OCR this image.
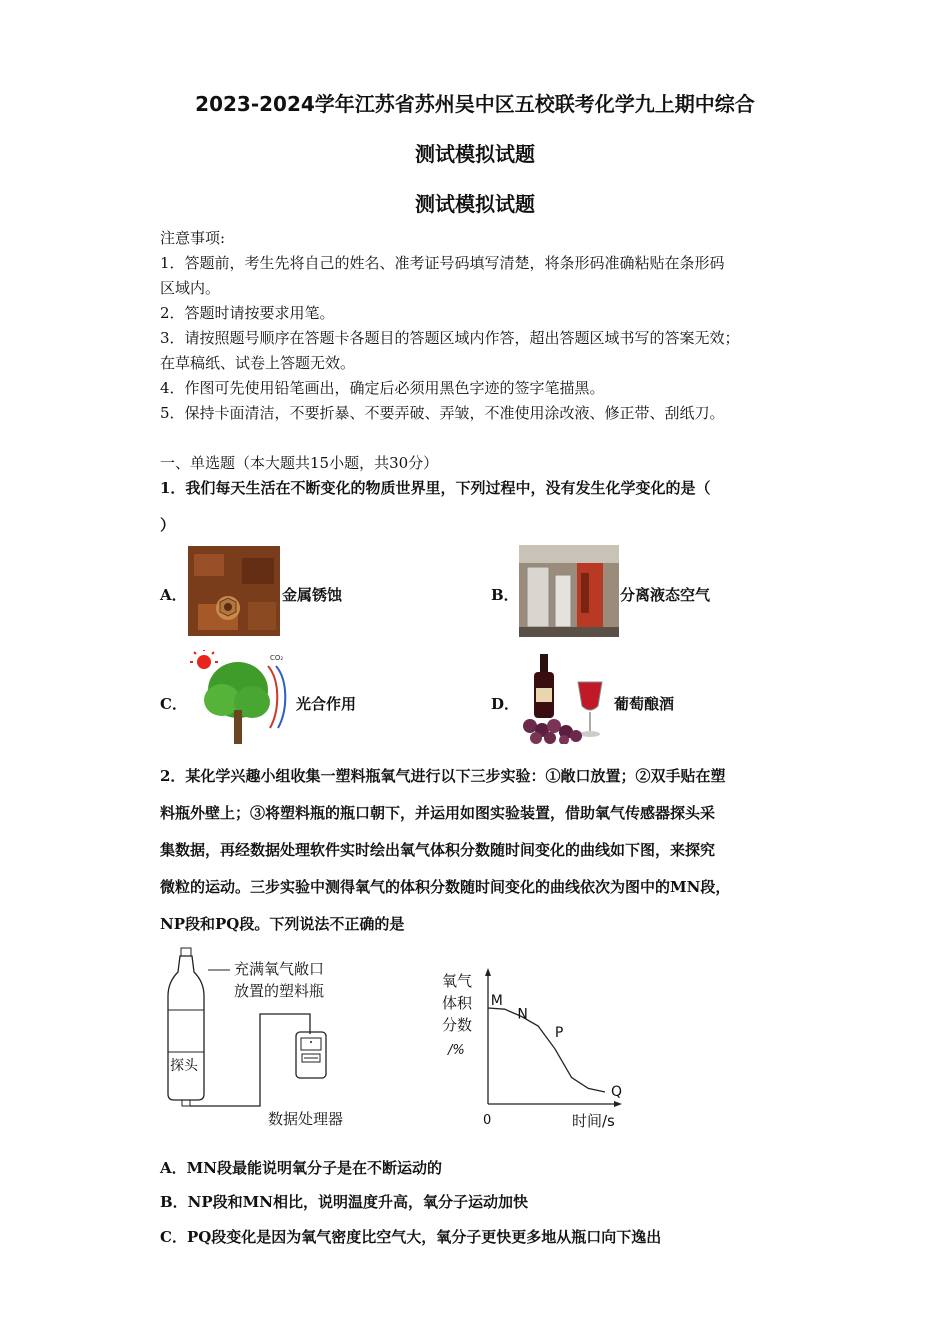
2023-2024学年江苏省苏州吴中区五校联考化学九上期中综合
测试模拟试题
测试模拟试题
注意事项:
1．答题前，考生先将自己的姓名、准考证号码填写清楚，将条形码准确粘贴在条形码
区域内。
2．答题时请按要求用笔。
3．请按照题号顺序在答题卡各题目的答题区域内作答，超出答题区域书写的答案无效；
在草稿纸、试卷上答题无效。
4．作图可先使用铅笔画出，确定后必须用黑色字迹的签字笔描黑。
5．保持卡面清洁，不要折暴、不要弄破、弄皱，不准使用涂改液、修正带、刮纸刀。
一、单选题（本大题共15小题，共30分）
1．我们每天生活在不断变化的物质世界里，下列过程中，没有发生化学变化的是（
）
A．	金属锈蚀	B．	分离液态空气
C．
CO₂
光合作用	D．	葡萄酿酒
2．某化学兴趣小组收集一塑料瓶氧气进行以下三步实验：①敞口放置；②双手贴在塑
料瓶外壁上；③将塑料瓶的瓶口朝下，并运用如图实验装置，借助氧气传感器探头采
集数据，再经数据处理软件实时绘出氧气体积分数随时间变化的曲线如下图，来探究
微粒的运动。三步实验中测得氧气的体积分数随时间变化的曲线依次为图中的MN段，
NP段和PQ段。下列说法不正确的是
探头
充满氧气敞口
放置的塑料瓶
数据处理器
氧气
体积
分数
/%
0	时间/s
M
N
P
Q
A．MN段最能说明氧分子是在不断运动的
B．NP段和MN相比，说明温度升高，氧分子运动加快
C．PQ段变化是因为氧气密度比空气大，氧分子更快更多地从瓶口向下逸出
